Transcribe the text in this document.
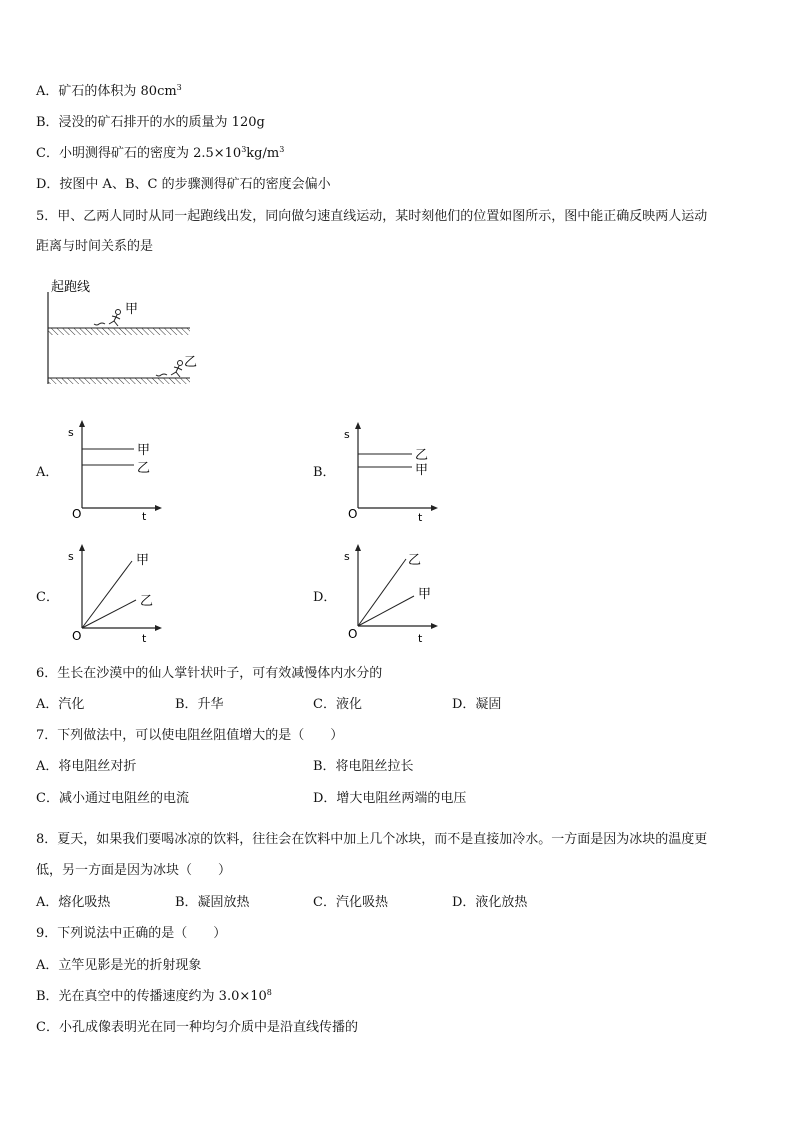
A．矿石的体积为 $80cm^3$
B．浸没的矿石排开的水的质量为 120g
C．小明测得矿石的密度为 $2.5\times 10^3kg/m^3$
D．按图中 A、B、C 的步骤测得矿石的密度会偏小
5．甲、乙两人同时从同一起跑线出发，同向做匀速直线运动，某时刻他们的位置如图所示，图中能正确反映两人运动
距离与时间关系的是
起跑线
甲
乙
A．	B．
C．	D．
s
t
O
甲
乙
s
t
O
乙
甲
s
t
O
甲
乙
s
t
O
乙
甲
6．生长在沙漠中的仙人掌针状叶子，可有效减慢体内水分的
A．汽化	B．升华	C．液化	D．凝固
7．下列做法中，可以使电阻丝阻值增大的是（　　）
A．将电阻丝对折	B．将电阻丝拉长
C．减小通过电阻丝的电流	D．增大电阻丝两端的电压
8．夏天，如果我们要喝冰凉的饮料，往往会在饮料中加上几个冰块，而不是直接加冷水。一方面是因为冰块的温度更
低，另一方面是因为冰块（　　）
A．熔化吸热	B．凝固放热	C．汽化吸热	D．液化放热
9．下列说法中正确的是（　　）
A．立竿见影是光的折射现象
B．光在真空中的传播速度约为 $3.0\times 10^8$
C．小孔成像表明光在同一种均匀介质中是沿直线传播的
